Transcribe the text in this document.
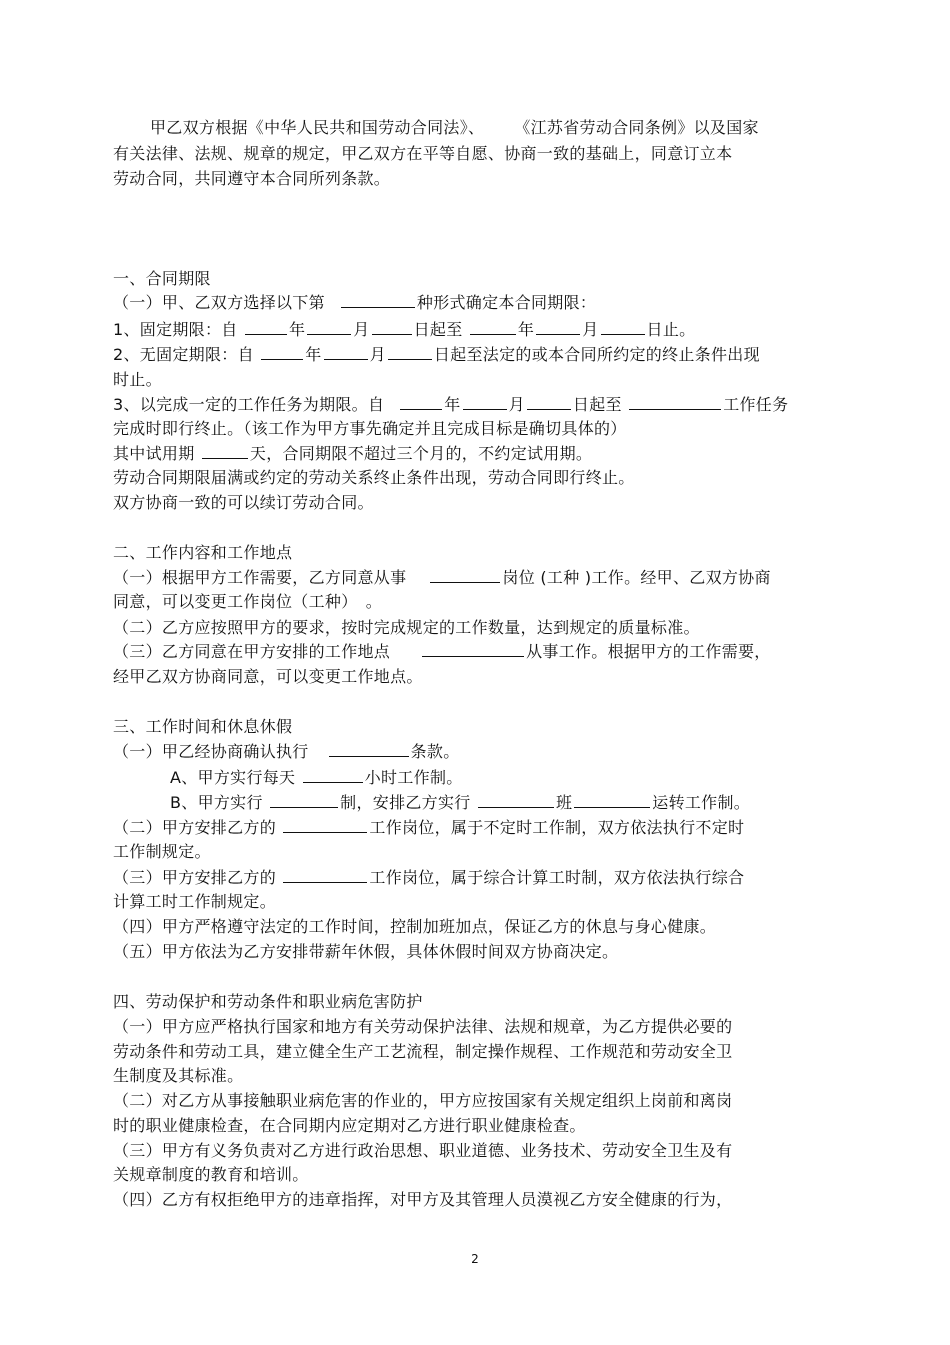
甲乙双方根据《中华人民共和国劳动合同法》、 《江苏省劳动合同条例》以及国家
有关法律、法规、规章的规定，甲乙双方在平等自愿、协商一致的基础上，同意订立本
劳动合同，共同遵守本合同所列条款。
一、合同期限
（一）甲、乙双方选择以下第	种形式确定本合同期限：
1、固定期限：自	年	月	日起至	年	月	日止。
2、无固定期限：自	年	月	日起至法定的或本合同所约定的终止条件出现
时止。
3、以完成一定的工作任务为期限。自	年	月	日起至	工作任务
完成时即行终止。（该工作为甲方事先确定并且完成目标是确切具体的）
其中试用期	天，合同期限不超过三个月的，不约定试用期。
劳动合同期限届满或约定的劳动关系终止条件出现，劳动合同即行终止。
双方协商一致的可以续订劳动合同。
二、工作内容和工作地点
（一）根据甲方工作需要，乙方同意从事	岗位 (工种 )工作。经甲、乙双方协商
同意，可以变更工作岗位（工种）　。
（二）乙方应按照甲方的要求，按时完成规定的工作数量，达到规定的质量标准。
（三）乙方同意在甲方安排的工作地点	从事工作。根据甲方的工作需要，
经甲乙双方协商同意，可以变更工作地点。
三、工作时间和休息休假
（一）甲乙经协商确认执行	条款。
A、甲方实行每天	小时工作制。
B、甲方实行	制，安排乙方实行	班	运转工作制。
（二）甲方安排乙方的	工作岗位，属于不定时工作制，双方依法执行不定时
工作制规定。
（三）甲方安排乙方的	工作岗位，属于综合计算工时制，双方依法执行综合
计算工时工作制规定。
（四）甲方严格遵守法定的工作时间，控制加班加点，保证乙方的休息与身心健康。
（五）甲方依法为乙方安排带薪年休假，具体休假时间双方协商决定。
四、劳动保护和劳动条件和职业病危害防护
（一）甲方应严格执行国家和地方有关劳动保护法律、法规和规章，为乙方提供必要的
劳动条件和劳动工具，建立健全生产工艺流程，制定操作规程、工作规范和劳动安全卫
生制度及其标准。
（二）对乙方从事接触职业病危害的作业的，甲方应按国家有关规定组织上岗前和离岗
时的职业健康检查，在合同期内应定期对乙方进行职业健康检查。
（三）甲方有义务负责对乙方进行政治思想、职业道德、业务技术、劳动安全卫生及有
关规章制度的教育和培训。
（四）乙方有权拒绝甲方的违章指挥，对甲方及其管理人员漠视乙方安全健康的行为，
2
